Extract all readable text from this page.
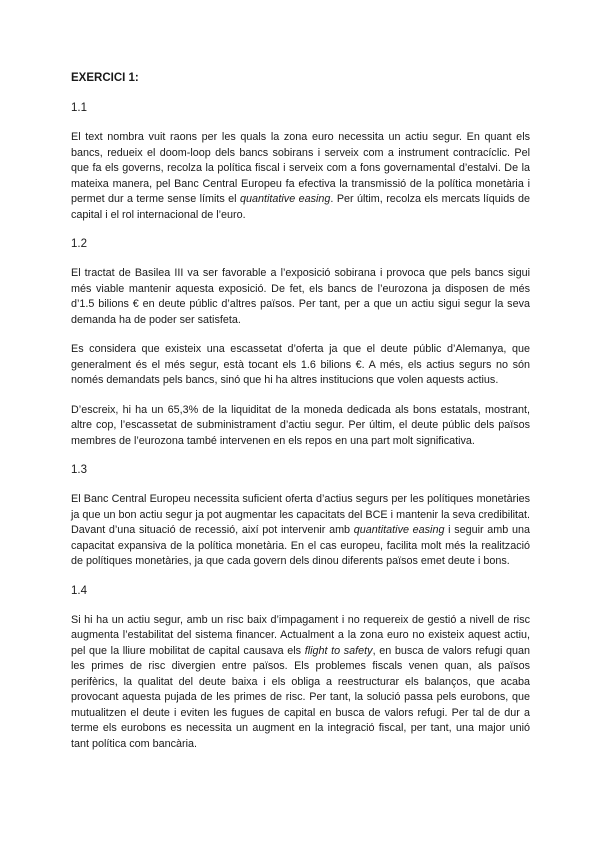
EXERCICI 1:
1.1

El text nombra vuit raons per les quals la zona euro necessita un actiu segur. En quant els bancs, redueix el doom-loop dels bancs sobirans i serveix com a instrument contracíclic. Pel que fa els governs, recolza la política fiscal i serveix com a fons governamental d’estalvi. De la mateixa manera, pel Banc Central Europeu fa efectiva la transmissió de la política monetària i permet dur a terme sense límits el quantitative easing. Per últim, recolza els mercats líquids de capital i el rol internacional de l’euro.

1.2

El tractat de Basilea III va ser favorable a l’exposició sobirana i provoca que pels bancs sigui més viable mantenir aquesta exposició. De fet, els bancs de l’eurozona ja disposen de més d’1.5 bilions € en deute públic d’altres països. Per tant, per a que un actiu sigui segur la seva demanda ha de poder ser satisfeta.

Es considera que existeix una escassetat d’oferta ja que el deute públic d’Alemanya, que generalment és el més segur, està tocant els 1.6 bilions €. A més, els actius segurs no són només demandats pels bancs, sinó que hi ha altres institucions que volen aquests actius.

D’escreix, hi ha un 65,3% de la liquiditat de la moneda dedicada als bons estatals, mostrant, altre cop, l’escassetat de subministrament d’actiu segur. Per últim, el deute públic dels països membres de l’eurozona també intervenen en els repos en una part molt significativa.

1.3

El Banc Central Europeu necessita suficient oferta d’actius segurs per les polítiques monetàries ja que un bon actiu segur ja pot augmentar les capacitats del BCE i mantenir la seva credibilitat. Davant d’una situació de recessió, així pot intervenir amb quantitative easing i seguir amb una capacitat expansiva de la política monetària. En el cas europeu, facilita molt més la realització de polítiques monetàries, ja que cada govern dels dinou diferents països emet deute i bons.

1.4

Si hi ha un actiu segur, amb un risc baix d’impagament i no requereix de gestió a nivell de risc augmenta l’estabilitat del sistema financer. Actualment a la zona euro no existeix aquest actiu, pel que la lliure mobilitat de capital causava els flight to safety, en busca de valors refugi quan les primes de risc divergien entre països. Els problemes fiscals venen quan, als països perifèrics, la qualitat del deute baixa i els obliga a reestructurar els balanços, que acaba provocant aquesta pujada de les primes de risc. Per tant, la solució passa pels eurobons, que mutualitzen el deute i eviten les fugues de capital en busca de valors refugi. Per tal de dur a terme els eurobons es necessita un augment en la integració fiscal, per tant, una major unió tant política com bancària.
